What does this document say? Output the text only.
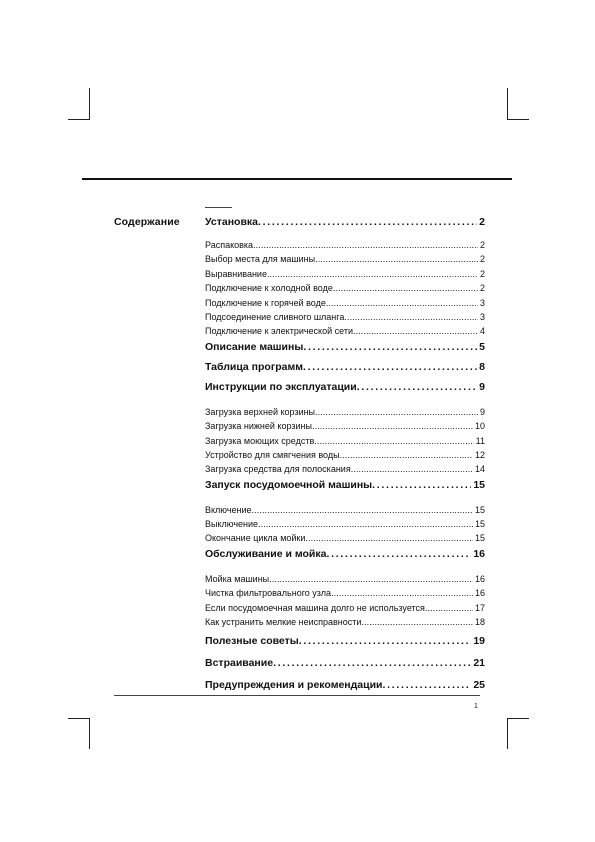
Содержание Установка . . .	2
Распаковка . . .	2
Выбор места для машины . . .	2
Выравнивание . . .	2
Подключение к холодной воде . . .	2
Подключение к горячей воде . . .	3
Подсоединение сливного шланга . . .	3
Подключение к электрической сети . . .	4
Описание машины . . .	5
Таблица программ . . .	8
Инструкции по эксплуатации . . .	9
Загрузка верхней корзины . . .	9
Загрузка нижней корзины . . .	10
Загрузка моющих средств . . .	11
Устройство для смягчения воды . . .	12
Загрузка средства для полоскания . . .	14
Запуск посудомоечной машины . . .	15
Включение . . .	15
Выключение . . .	15
Окончание цикла мойки . . .	15
Обслуживание и мойка . . .	16
Мойка машины . . .	16
Чистка фильтровального узла . . .	16
Если посудомоечная машина долго не используется . . .	17
Как устранить мелкие неисправности . . .	18
Полезные советы . . .	19
Встраивание . . .	21
Предупреждения и рекомендации . . .	25
1
